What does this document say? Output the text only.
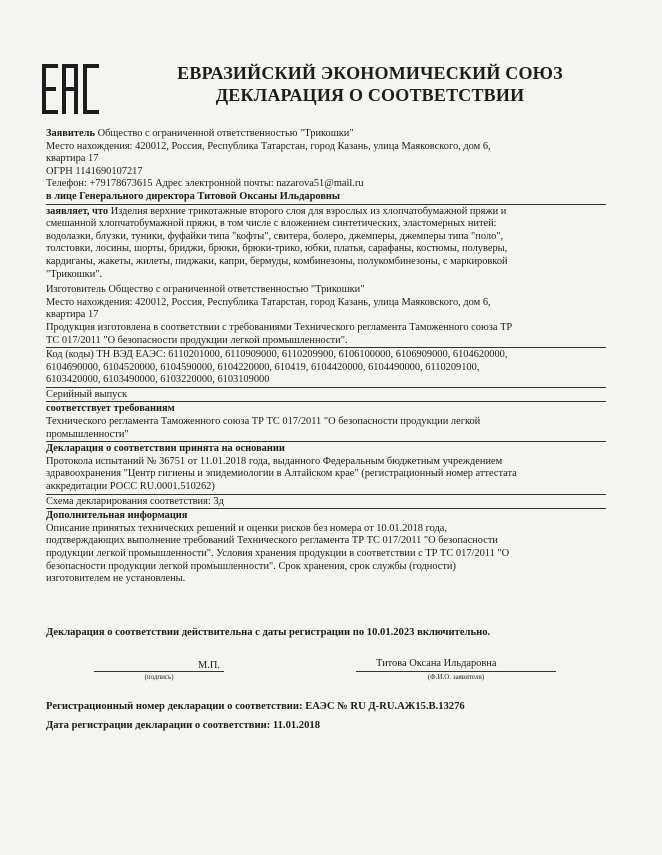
ЕВРАЗИЙСКИЙ ЭКОНОМИЧЕСКИЙ СОЮЗ
ДЕКЛАРАЦИЯ О СООТВЕТСТВИИ

Заявитель Общество с ограниченной ответственностью "Трикошки"

Место нахождения: 420012, Россия, Республика Татарстан, город Казань, улица Маяковского, дом 6,

квартира 17

ОГРН 1141690107217

Телефон: +79178673615 Адрес электронной почты: nazarova51@mail.ru

в лице Генерального директора Титовой Оксаны Ильдаровны

заявляет, что Изделия верхние трикотажные второго слоя для взрослых из хлопчатобумажной пряжи и

смешанной хлопчатобумажной пряжи, в том числе с вложением синтетических, эластомерных нитей:

водолазки, блузки, туники, фуфайки типа "кофты", свитера, болеро, джемперы, джемперы типа "поло",

толстовки, лосины, шорты, бриджи, брюки, брюки-трико, юбки, платья, сарафаны, костюмы, полуверы,

кардиганы, жакеты, жилеты, пиджаки, капри, бермуды, комбинезоны, полукомбинезоны, с маркировкой

"Трикошки".

Изготовитель Общество с ограниченной ответственностью "Трикошки"

Место нахождения: 420012, Россия, Республика Татарстан, город Казань, улица Маяковского, дом 6,

квартира 17

Продукция изготовлена в соответствии с требованиями Технического регламента Таможенного союза ТР

ТС 017/2011 "О безопасности продукции легкой промышленности".

Код (коды) ТН ВЭД ЕАЭС: 6110201000, 6110909000, 6110209900, 6106100000, 6106909000, 6104620000,

6104690000, 6104520000, 6104590000, 6104220000, 610419, 6104420000, 6104490000, 6110209100,

6103420000, 6103490000, 6103220000, 6103109000

Серийный выпуск

соответствует требованиям

Технического регламента Таможенного союза ТР ТС 017/2011 "О безопасности продукции легкой

промышленности"

Декларация о соответствии принята на основании

Протокола испытаний № 36751 от 11.01.2018 года, выданного Федеральным бюджетным учреждением

здравоохранения "Центр гигиены и эпидемиологии в Алтайском крае" (регистрационный номер аттестата

аккредитации РОСС RU.0001.510262)

Схема декларирования соответствия: 3д

Дополнительная информация

Описание принятых технических решений и оценки рисков без номера от 10.01.2018 года,

подтверждающих выполнение требований Технического регламента ТР ТС 017/2011 "О безопасности

продукции легкой промышленности". Условия хранения продукции в соответствии с ТР ТС 017/2011 "О

безопасности продукции легкой промышленности". Срок хранения, срок службы (годности)

изготовителем не установлены.

Декларация о соответствии действительна с даты регистрации по 10.01.2023 включительно.
(подпись)
М.П.	Титова Оксана Ильдаровна
(Ф.И.О. заявителя)
Регистрационный номер декларации о соответствии: ЕАЭС № RU Д-RU.АЖ15.В.13276
Дата регистрации декларации о соответствии: 11.01.2018
